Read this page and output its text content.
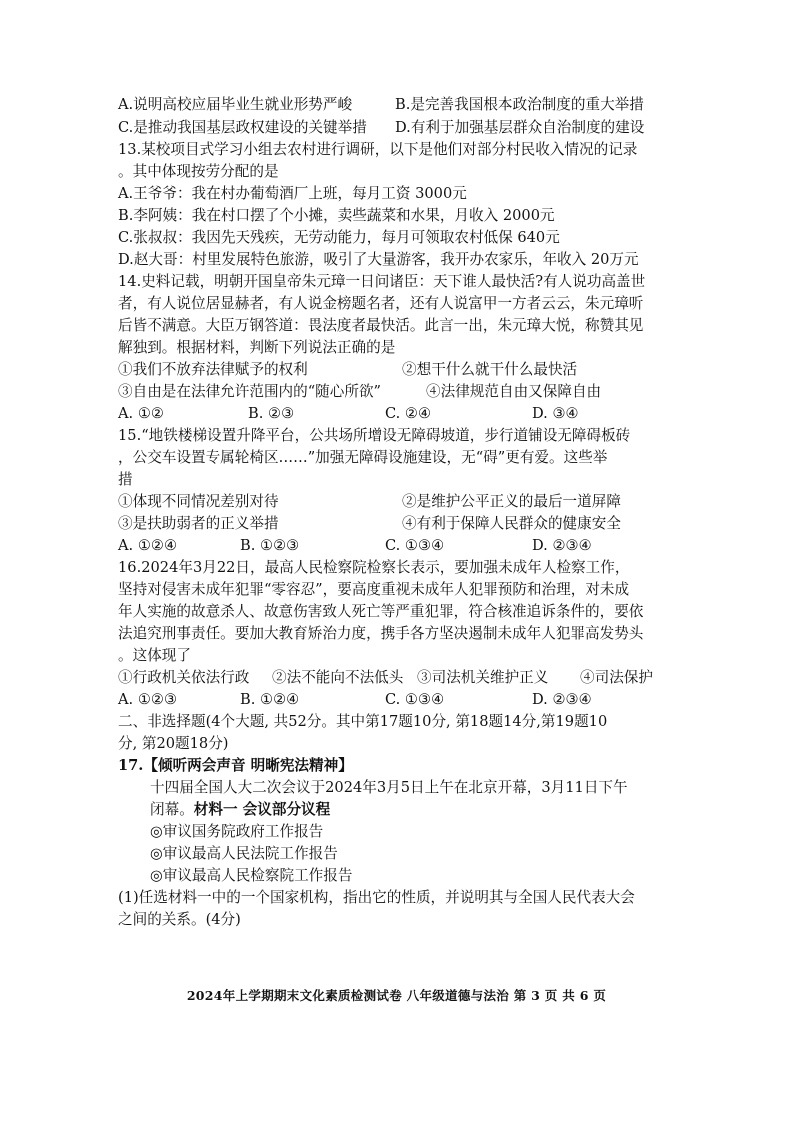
A.说明高校应届毕业生就业形势严峻	B.是完善我国根本政治制度的重大举措
C.是推动我国基层政权建设的关键举措 D.有利于加强基层群众自治制度的建设
13.某校项目式学习小组去农村进行调研，以下是他们对部分村民收入情况的记录
。其中体现按劳分配的是
A.王爷爷：我在村办葡萄酒厂上班，每月工资 3000元
B.李阿姨：我在村口摆了个小摊，卖些蔬菜和水果，月收入 2000元
C.张叔叔：我因先天残疾，无劳动能力，每月可领取农村低保 640元
D.赵大哥：村里发展特色旅游，吸引了大量游客，我开办农家乐，年收入 20万元
14.史料记载，明朝开国皇帝朱元璋一日问诸臣：天下谁人最快活?有人说功高盖世
者，有人说位居显赫者，有人说金榜题名者，还有人说富甲一方者云云，朱元璋听
后皆不满意。大臣万钢答道：畏法度者最快活。此言一出，朱元璋大悦，称赞其见
解独到。根据材料，判断下列说法正确的是
①我们不放弃法律赋予的权利	②想干什么就干什么最快活
③自由是在法律允许范围内的“随心所欲”	④法律规范自由又保障自由
A. ①②	B. ②③	C. ②④	D. ③④
15.“地铁楼梯设置升降平台，公共场所增设无障碍坡道，步行道铺设无障碍板砖
，公交车设置专属轮椅区……”加强无障碍设施建设，无“碍”更有爱。这些举
措
①体现不同情况差别对待	②是维护公平正义的最后一道屏障
③是扶助弱者的正义举措	④有利于保障人民群众的健康安全
A. ①②④	B. ①②③	C. ①③④	D. ②③④
16.2024年3月22日，最高人民检察院检察长表示，要加强未成年人检察工作，
坚持对侵害未成年犯罪“零容忍”，要高度重视未成年人犯罪预防和治理，对未成
年人实施的故意杀人、故意伤害致人死亡等严重犯罪，符合核准追诉条件的，要依
法追究刑事责任。要加大教育矫治力度，携手各方坚决遏制未成年人犯罪高发势头
。这体现了
①行政机关依法行政 ②法不能向不法低头 ③司法机关维护正义 ④司法保护
A. ①②③	B. ①②④	C. ①③④	D. ②③④
二、非选择题(4个大题, 共52分。其中第17题10分, 第18题14分,第19题10
分, 第20题18分)
17.【倾听两会声音 明晰宪法精神】
十四届全国人大二次会议于2024年3月5日上午在北京开幕，3月11日下午
闭幕。材料一 会议部分议程
◎审议国务院政府工作报告
◎审议最高人民法院工作报告
◎审议最高人民检察院工作报告
(1)任选材料一中的一个国家机构，指出它的性质，并说明其与全国人民代表大会
之间的关系。(4分)
2024年上学期期末文化素质检测试卷 八年级道德与法治 第 3 页 共 6 页
